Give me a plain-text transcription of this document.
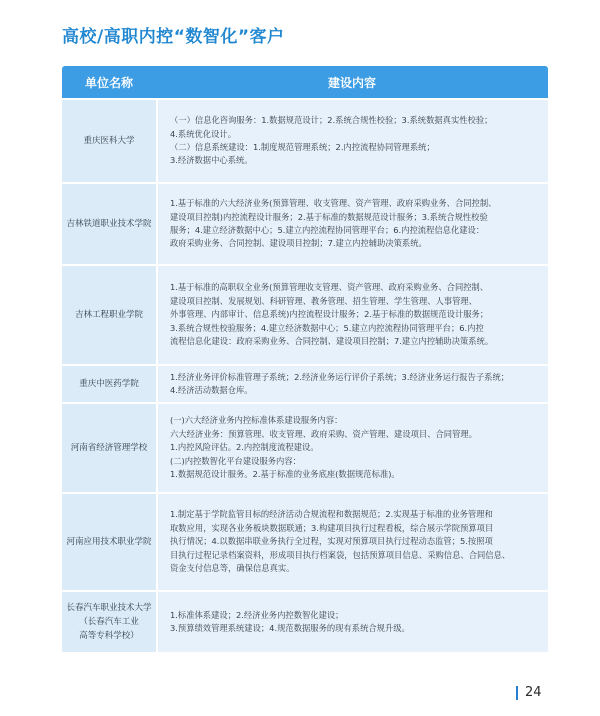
高校/高职内控“数智化”客户
单位名称	建设内容
重庆医科大学
（一）信息化咨询服务：1.数据规范设计；2.系统合规性校验；3.系统数据真实性校验；
4.系统优化设计。
（二）信息系统建设：1.制度规范管理系统；2.内控流程协同管理系统；
3.经济数据中心系统。
吉林铁道职业技术学院
1.基于标准的六大经济业务(预算管理、收支管理、资产管理、政府采购业务、合同控制、
建设项目控制)内控流程设计服务；2.基于标准的数据规范设计服务；3.系统合规性校验
服务；4.建立经济数据中心；5.建立内控流程协同管理平台；6.内控流程信息化建设：
政府采购业务、合同控制、建设项目控制；7.建立内控辅助决策系统。
吉林工程职业学院
1.基于标准的高职収全业务(预算管理收支管理、资产管理、政府采购业务、合同控制、
建设项目控制、发展规划、科研管理、教务管理、招生管理、学生管理、人事管理、
外事管理、内部审计、信息系统)内控流程设计服务；2.基于标准的数据规范设计服务；
3.系统合规性校验服务；4.建立经济数据中心；5.建立内控流程协同管理平台；6.内控
流程信息化建设：政府采购业务、合同控制、建设项目控制；7.建立内控辅助决策系统。
重庆中医药学院
1.经济业务评价标准管理子系统；2.经济业务运行评价子系统；3.经济业务运行报告子系统；
4.经济活动数据仓库。
河南省经济管理学校
(一)六大经济业务内控标准体系建设服务内容：
六大经济业务：预算管理、收支管理、政府采购、资产管理、建设项目、合同管理。
1.内控风险评估。2.内控制度流程建设。
(二)内控数智化平台建设服务内容：
1.数据规范设计服务。2.基于标准的业务底座(数据规范标准)。
河南应用技术职业学院
1.制定基于学院监管目标的经济活动合规流程和数据规范；2.实现基于标准的业务管理和
取数应用，实现各业务板块数据联通；3.构建项目执行过程看板，综合展示学院预算项目
执行情况；4.以数据串联业务执行全过程，实现对预算项目执行过程动态监管；5.按照项
目执行过程记录档案资料，形成项目执行档案袋，包括预算项目信息、采购信息、合同信息、
资金支付信息等，确保信息真实。
长春汽车职业技术大学
（长春汽车工业
高等专科学校）
1.标准体系建设；2.经济业务内控数智化建设；
3.预算绩效管理系统建设；4.规范数据服务的现有系统合规升级。
24
